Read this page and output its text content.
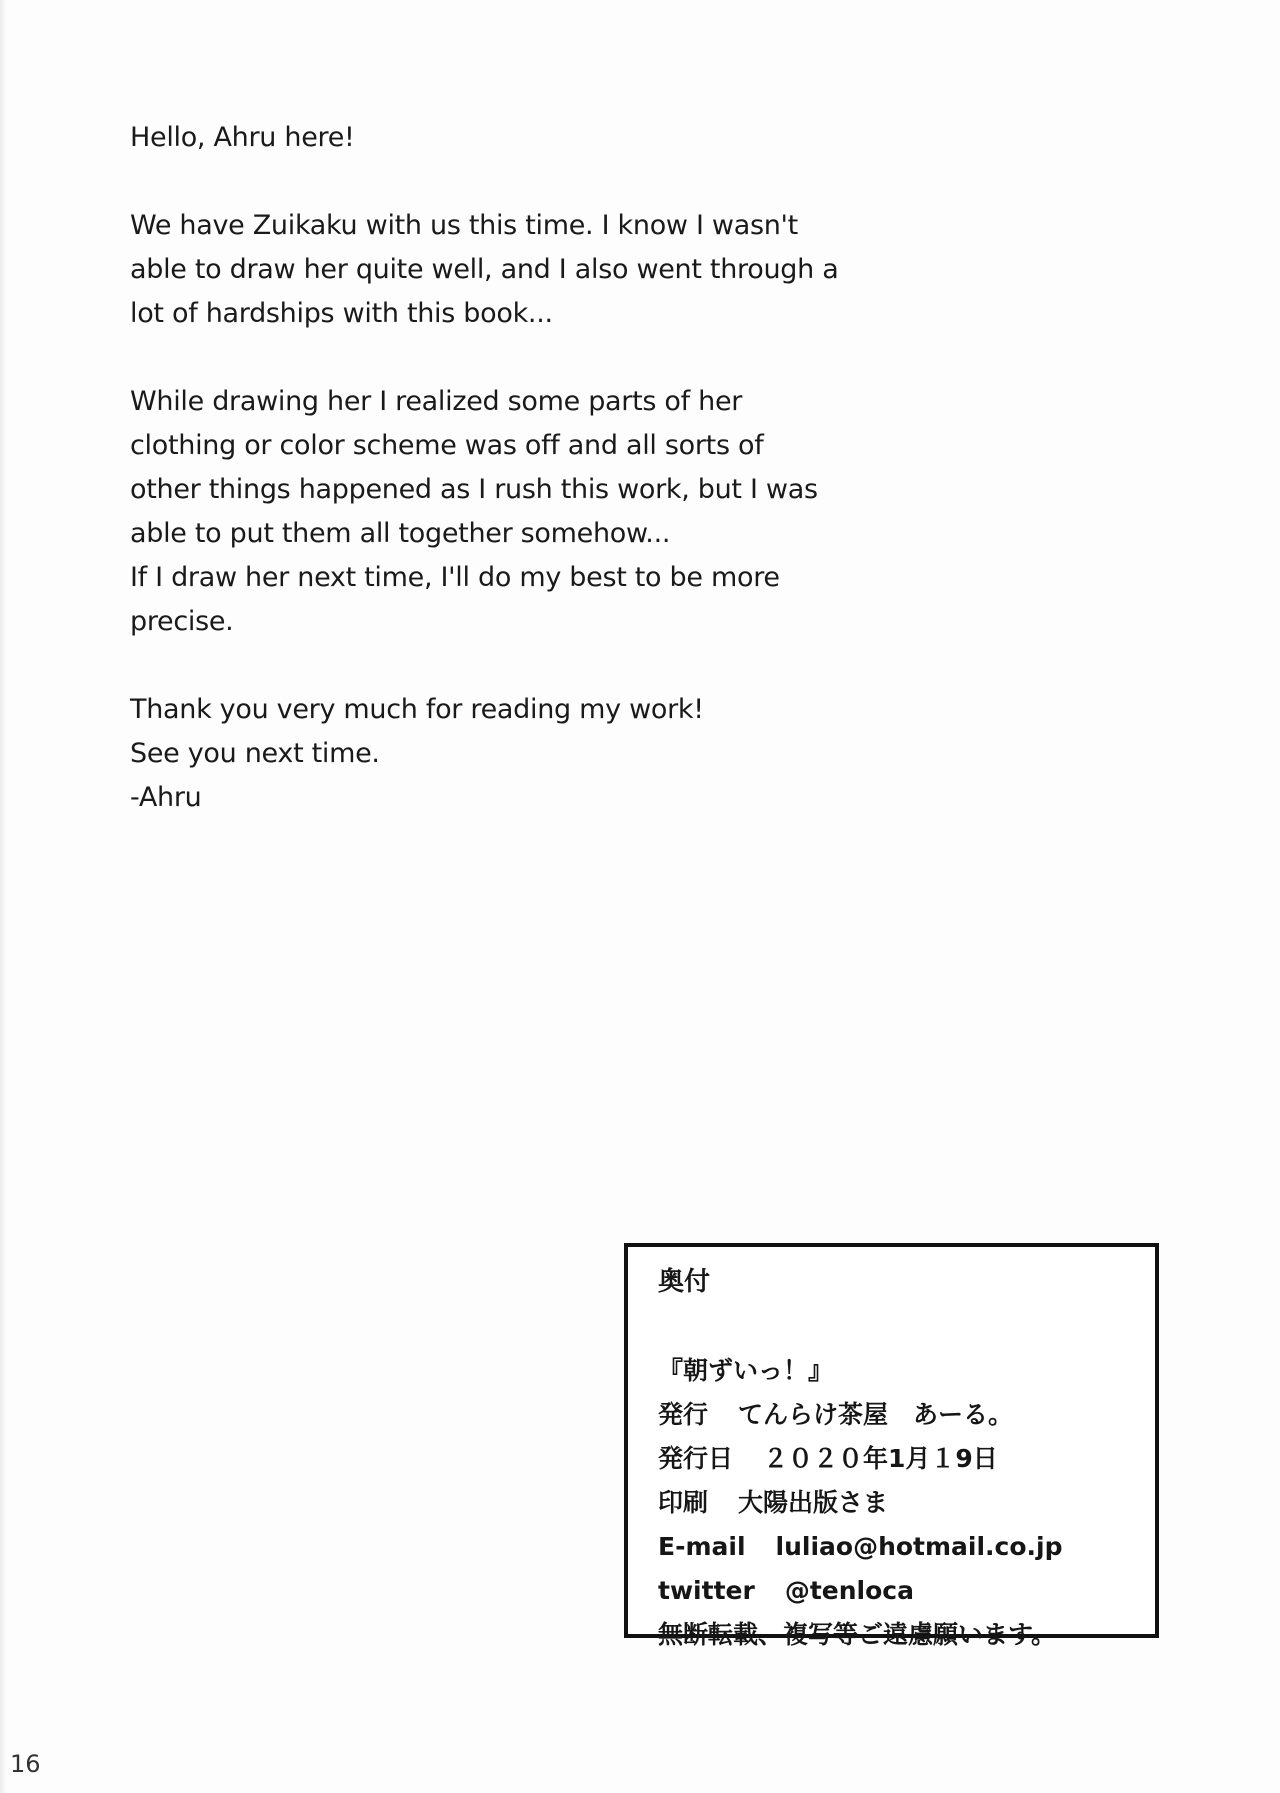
Hello, Ahru here!
We have Zuikaku with us this time. I know I wasn't
able to draw her quite well, and I also went through a
lot of hardships with this book...
While drawing her I realized some parts of her
clothing or color scheme was off and all sorts of
other things happened as I rush this work, but I was
able to put them all together somehow...
If I draw her next time, I'll do my best to be more
precise.
Thank you very much for reading my work!
See you next time.
-Ahru
奥付
『朝ずいっ！』
発行 てんらけ茶屋　あーる。
発行日 ２０２０年1月１9日
印刷 大陽出版さま
E-mail luliao@hotmail.co.jp
twitter @tenloca
無断転載、複写等ご遠慮願います。
16
